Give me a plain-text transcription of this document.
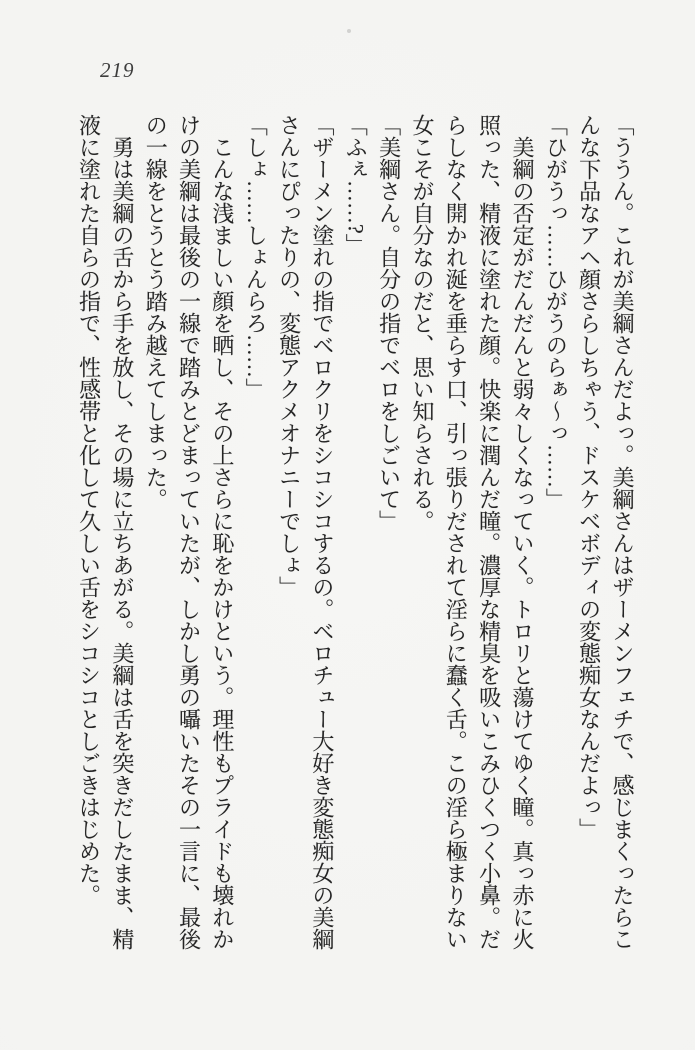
219

「ううん。これが美綱さんだよっ。美綱さんはザーメンフェチで、感じまくったらこ

んな下品なアヘ顔さらしちゃう、ドスケベボディの変態痴女なんだよっ」

「ひがうっ……ひがうのらぁ〜っ……」

美綱の否定がだんだんと弱々しくなっていく。トロリと蕩けてゆく瞳。真っ赤に火

照った、精液に塗れた顔。快楽に潤んだ瞳。濃厚な精臭を吸いこみひくつく小鼻。だ

らしなく開かれ涎を垂らす口、引っ張りだされて淫らに蠢く舌。この淫ら極まりない

女こそが自分なのだと、思い知らされる。

「美綱さん。自分の指でベロをしごいて」

「ふぇ……?」

「ザーメン塗れの指でベロクリをシコシコするの。ベロチュー大好き変態痴女の美綱

さんにぴったりの、変態アクメオナニーでしょ」

「しょ……しょんらろ……」

こんな浅ましい顔を晒し、その上さらに恥をかけという。理性もプライドも壊れか

けの美綱は最後の一線で踏みとどまっていたが、しかし勇の囁いたその一言に、最後

の一線をとうとう踏み越えてしまった。

勇は美綱の舌から手を放し、その場に立ちあがる。美綱は舌を突きだしたまま、精

液に塗れた自らの指で、性感帯と化して久しい舌をシコシコとしごきはじめた。
